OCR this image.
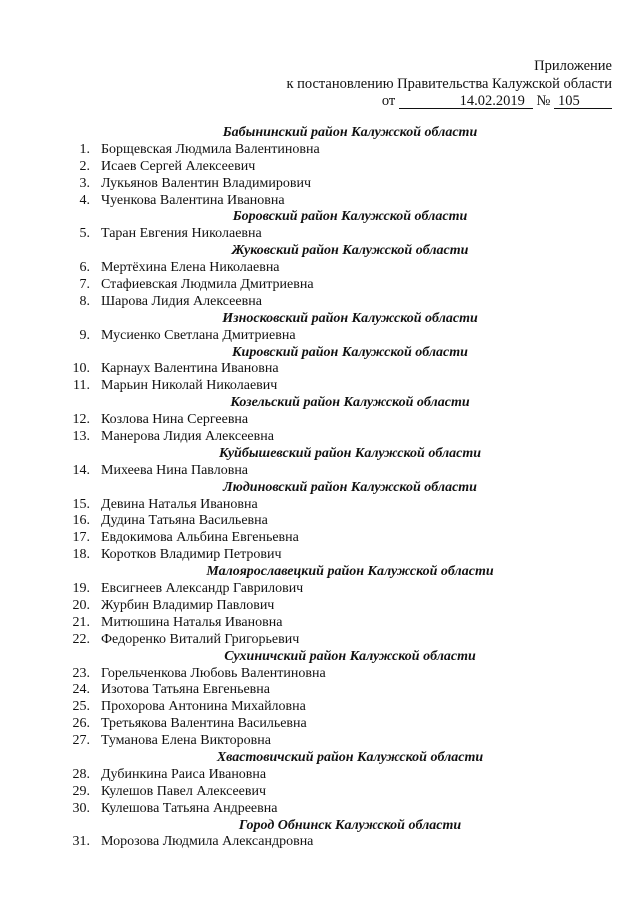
Приложение
к постановлению Правительства Калужской области
от	14.02.2019 № 105
Бабынинский район Калужской области
1. Борщевская Людмила Валентиновна
2. Исаев Сергей Алексеевич
3. Лукьянов Валентин Владимирович
4. Чуенкова Валентина Ивановна
Боровский район Калужской области
5. Таран Евгения Николаевна
Жуковский район Калужской области
6. Мертёхина Елена Николаевна
7. Стафиевская Людмила Дмитриевна
8. Шарова Лидия Алексеевна
Износковский район Калужской области
9. Мусиенко Светлана Дмитриевна
Кировский район Калужской области
10. Карнаух Валентина Ивановна
11. Марьин Николай Николаевич
Козельский район Калужской области
12. Козлова Нина Сергеевна
13. Манерова Лидия Алексеевна
Куйбышевский район Калужской области
14. Михеева Нина Павловна
Людиновский район Калужской области
15. Девина Наталья Ивановна
16. Дудина Татьяна Васильевна
17. Евдокимова Альбина Евгеньевна
18. Коротков Владимир Петрович
Малоярославецкий район Калужской области
19. Евсигнеев Александр Гаврилович
20. Журбин Владимир Павлович
21. Митюшина Наталья Ивановна
22. Федоренко Виталий Григорьевич
Сухиничский район Калужской области
23. Горельченкова Любовь Валентиновна
24. Изотова Татьяна Евгеньевна
25. Прохорова Антонина Михайловна
26. Третьякова Валентина Васильевна
27. Туманова Елена Викторовна
Хвастовичский район Калужской области
28. Дубинкина Раиса Ивановна
29. Кулешов Павел Алексеевич
30. Кулешова Татьяна Андреевна
Город Обнинск Калужской области
31. Морозова Людмила Александровна
